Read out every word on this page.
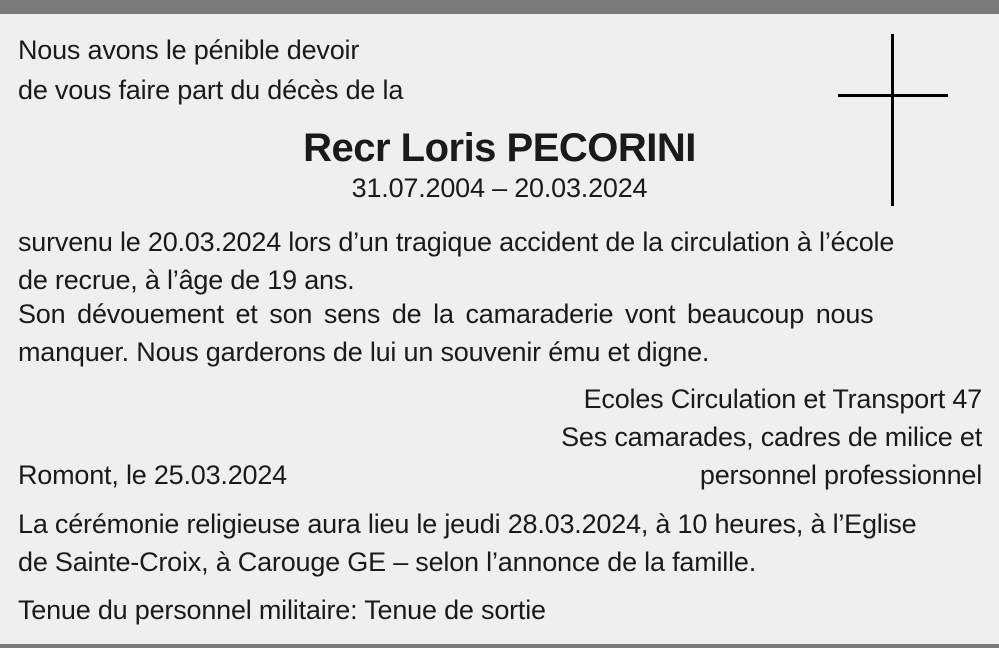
Nous avons le pénible devoir
de vous faire part du décès de la
Recr Loris PECORINI
31.07.2004 – 20.03.2024
survenu le 20.03.2024 lors d’un tragique accident de la circulation à l’école
de recrue, à l’âge de 19 ans.
Son dévouement et son sens de la camaraderie vont beaucoup nous
manquer. Nous garderons de lui un souvenir ému et digne.
Ecoles Circulation et Transport 47
Ses camarades, cadres de milice et
personnel professionnel
Romont, le 25.03.2024
La cérémonie religieuse aura lieu le jeudi 28.03.2024, à 10 heures, à l’Eglise
de Sainte-Croix, à Carouge GE – selon l’annonce de la famille.
Tenue du personnel militaire: Tenue de sortie
